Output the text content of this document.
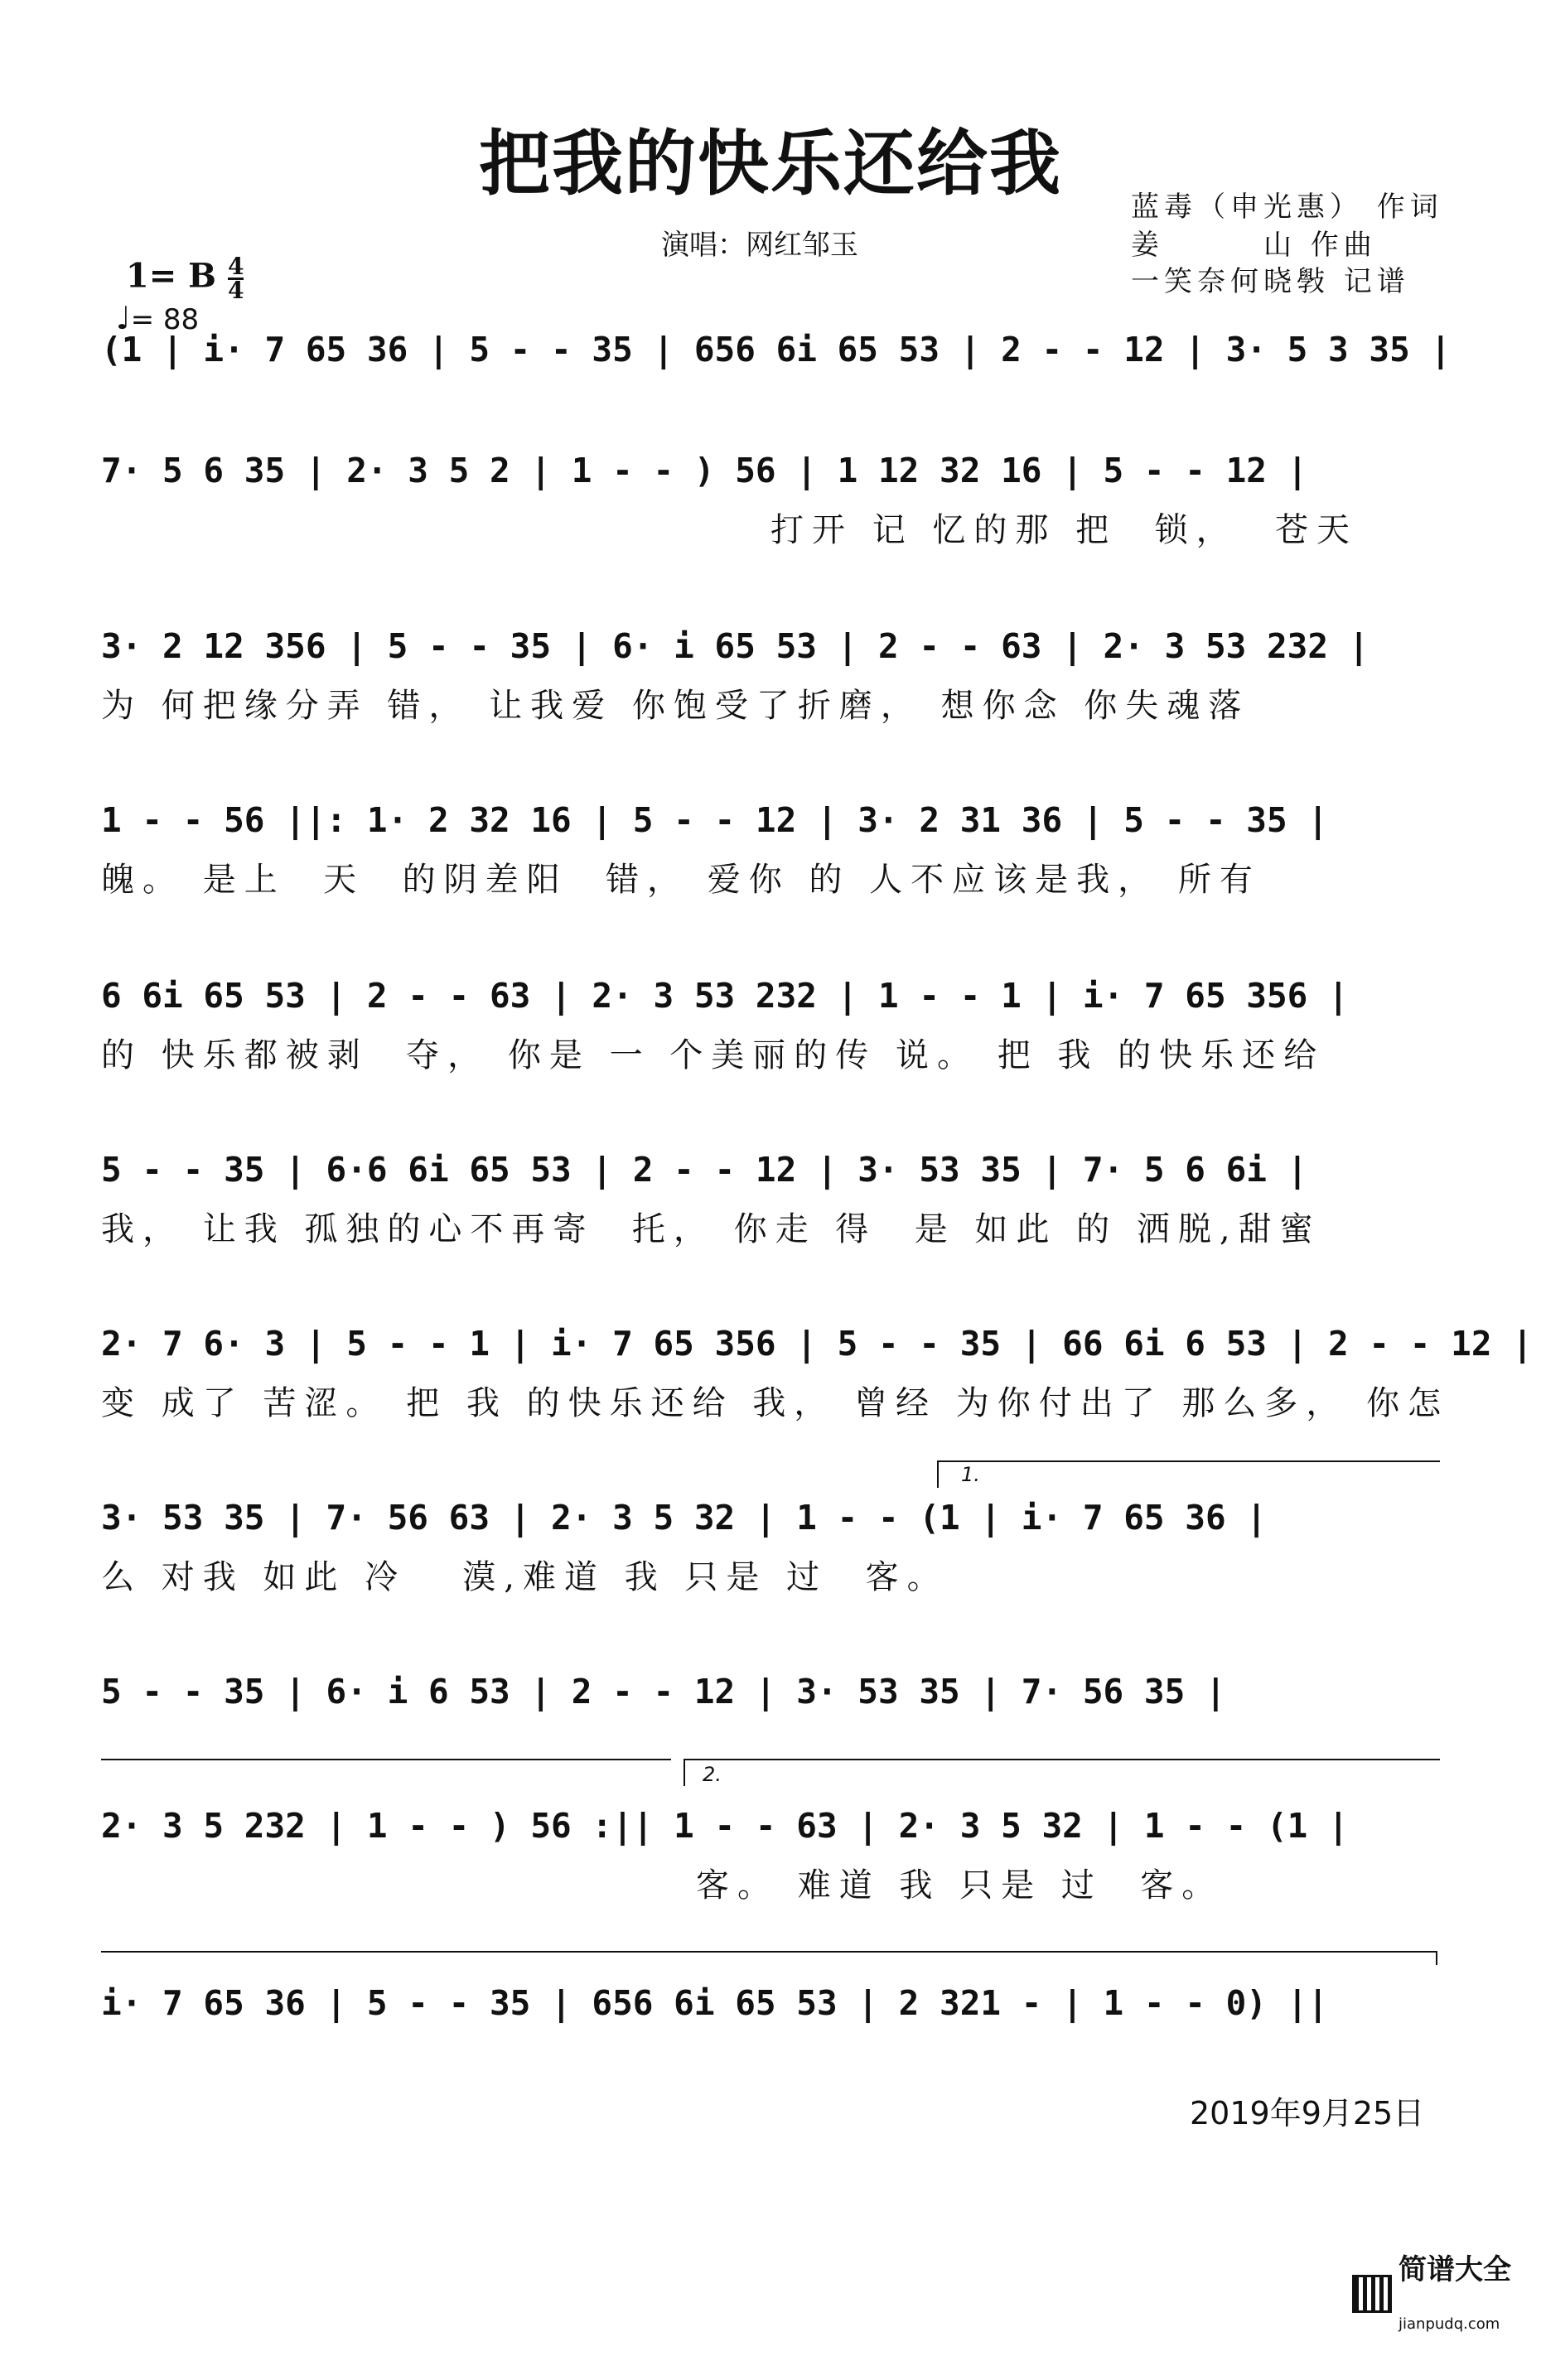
把我的快乐还给我
蓝毒（申光惠） 作词
姜　　　山 作曲
一笑奈何晓斅 记谱
演唱：网红邹玉

1= B $\frac{4}{4}$

♩= 88

(1 | i· 7 65 36 | 5 - - 35 | 656 6i 65 53 | 2 - - 12 | 3· 5 3 35 |
7· 5 6 35 | 2· 3 5 2 | 1 - - ) 56 | 1 12 32 16 | 5 - - 12 |
打开 记 忆的那 把  锁，  苍天
3· 2 12 356 | 5 - - 35 | 6· i 65 53 | 2 - - 63 | 2· 3 53 232 |
为 何把缘分弄 错， 让我爱 你饱受了折磨， 想你念 你失魂落
1 - - 56 ||: 1· 2 32 16 | 5 - - 12 | 3· 2 31 36 | 5 - - 35 |
魄。 是上  天  的阴差阳  错， 爱你 的 人不应该是我， 所有
6 6i 65 53 | 2 - - 63 | 2· 3 53 232 | 1 - - 1 | i· 7 65 356 |
的 快乐都被剥  夺， 你是 一 个美丽的传 说。 把 我 的快乐还给
5 - - 35 | 6·6 6i 65 53 | 2 - - 12 | 3· 53 35 | 7· 5 6 6i |
我， 让我 孤独的心不再寄  托， 你走 得  是 如此 的 洒脱,甜蜜
2· 7 6· 3 | 5 - - 1 | i· 7 65 356 | 5 - - 35 | 66 6i 6 53 | 2 - - 12 |
变 成了 苦涩。 把 我 的快乐还给 我， 曾经 为你付出了 那么多， 你怎
3· 53 35 | 7· 56 63 | 2· 3 5 32 | 1 - - (1 | i· 7 65 36 |
么 对我 如此 冷   漠,难道 我 只是 过  客。
5 - - 35 | 6· i 6 53 | 2 - - 12 | 3· 53 35 | 7· 56 35 |
2· 3 5 232 | 1 - - ) 56 :|| 1 - - 63 | 2· 3 5 32 | 1 - - (1 |
客。 难道 我 只是 过  客。
i· 7 65 36 | 5 - - 35 | 656 6i 65 53 | 2 321 - | 1 - - 0) ||
1.
2.
2019年9月25日

简谱大全

jianpudq.com
